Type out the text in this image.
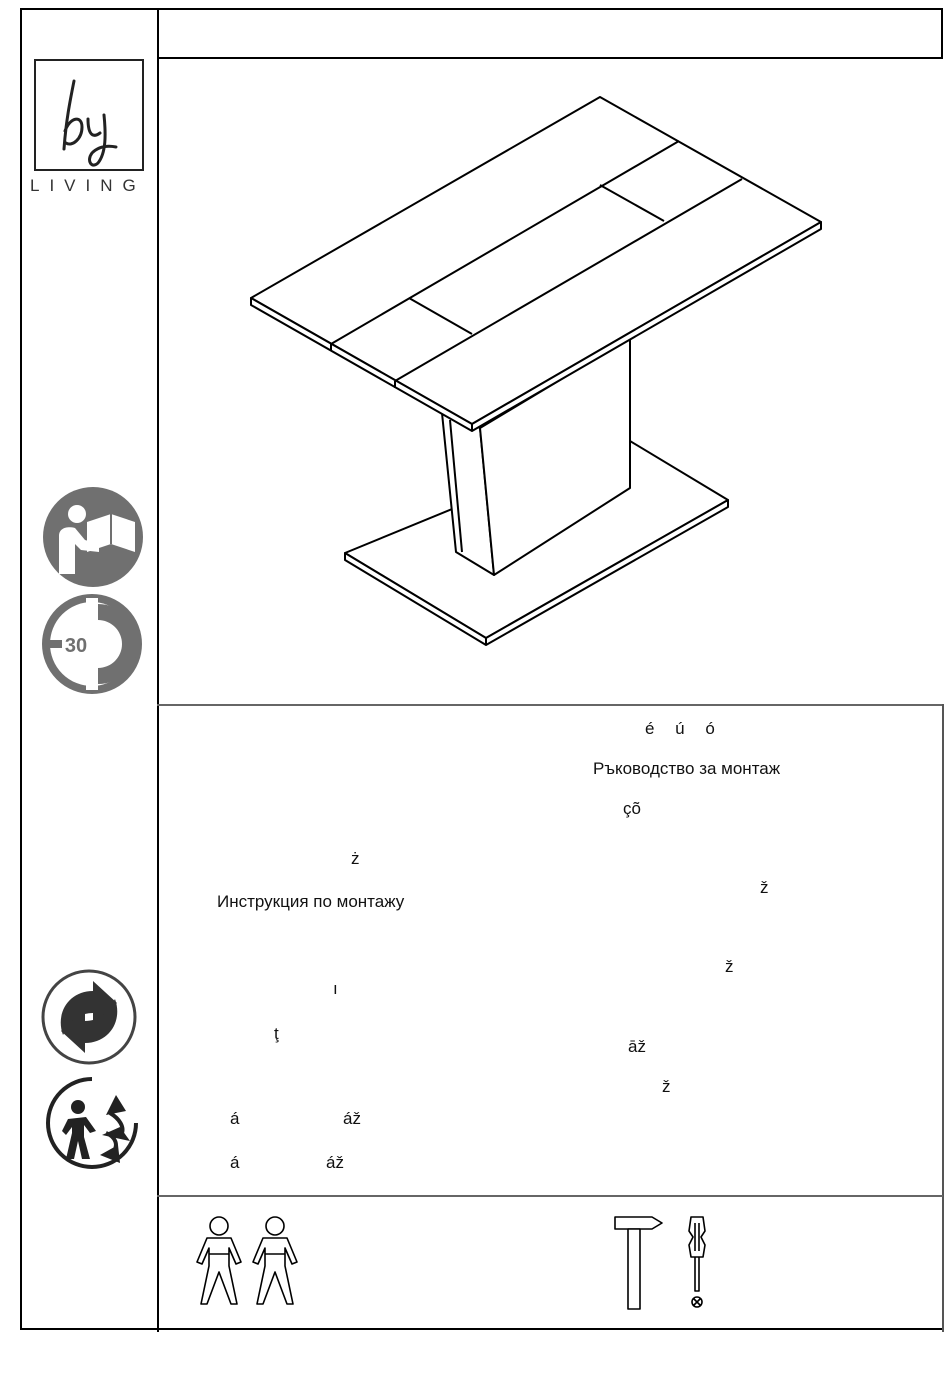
by
LIVING
30
é ú ó
Ръководство за монтаж
çõ
ż
ž
Инструкция по монтажу
ž
ı
ţ
āž
ž
á	áž
á	áž
